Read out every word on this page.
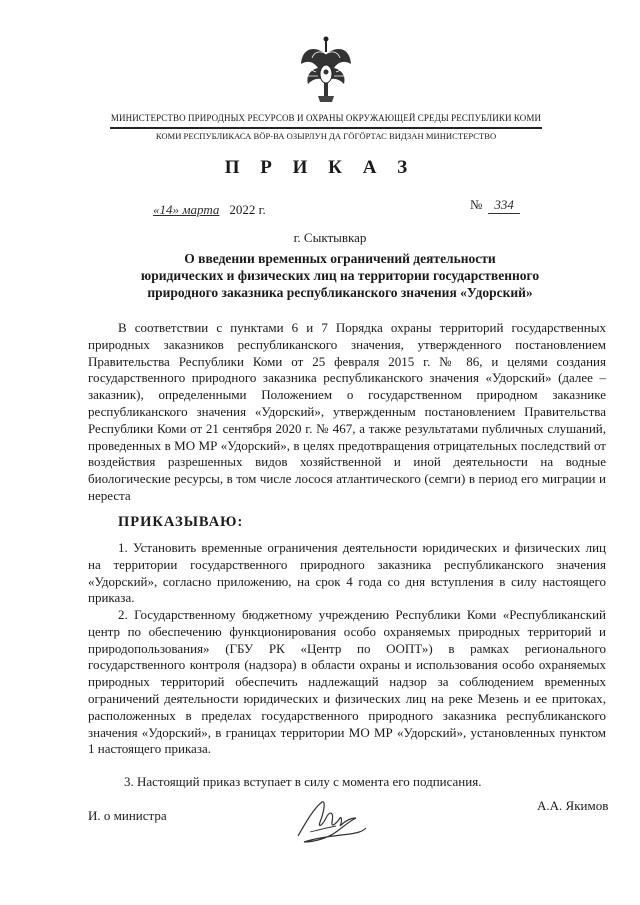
МИНИСТЕРСТВО ПРИРОДНЫХ РЕСУРСОВ И ОХРАНЫ ОКРУЖАЮЩЕЙ СРЕДЫ РЕСПУБЛИКИ КОМИ
КОМИ РЕСПУБЛИКАСА ВӦР-ВА ОЗЫРЛУН ДА ГӦГӦРТАС ВИДЗАН МИНИСТЕРСТВО
П Р И К А З
«14» марта 2022 г.	№ 334
г. Сыктывкар
О введении временных ограничений деятельности
юридических и физических лиц на территории государственного
природного заказника республиканского значения «Удорский»
В соответствии с пунктами 6 и 7 Порядка охраны территорий государственных природных заказников республиканского значения, утвержденного постановлением Правительства Республики Коми от 25 февраля 2015 г. № 86, и целями создания государственного природного заказника республиканского значения «Удорский» (далее – заказник), определенными Положением о государственном природном заказнике республиканского значения «Удорский», утвержденным постановлением Правительства Республики Коми от 21 сентября 2020 г. № 467, а также результатами публичных слушаний, проведенных в МО МР «Удорский», в целях предотвращения отрицательных последствий от воздействия разрешенных видов хозяйственной и иной деятельности на водные биологические ресурсы, в том числе лосося атлантического (семги) в период его миграции и нереста
ПРИКАЗЫВАЮ:
1. Установить временные ограничения деятельности юридических и физических лиц на территории государственного природного заказника республиканского значения «Удорский», согласно приложению, на срок 4 года со дня вступления в силу настоящего приказа.
2. Государственному бюджетному учреждению Республики Коми «Республиканский центр по обеспечению функционирования особо охраняемых природных территорий и природопользования» (ГБУ РК «Центр по ООПТ») в рамках регионального государственного контроля (надзора) в области охраны и использования особо охраняемых природных территорий обеспечить надлежащий надзор за соблюдением временных ограничений деятельности юридических и физических лиц на реке Мезень и ее притоках, расположенных в пределах государственного природного заказника республиканского значения «Удорский», в границах территории МО МР «Удорский», установленных пунктом 1 настоящего приказа.
3. Настоящий приказ вступает в силу с момента его подписания.
А.А. Якимов
И. о министра
